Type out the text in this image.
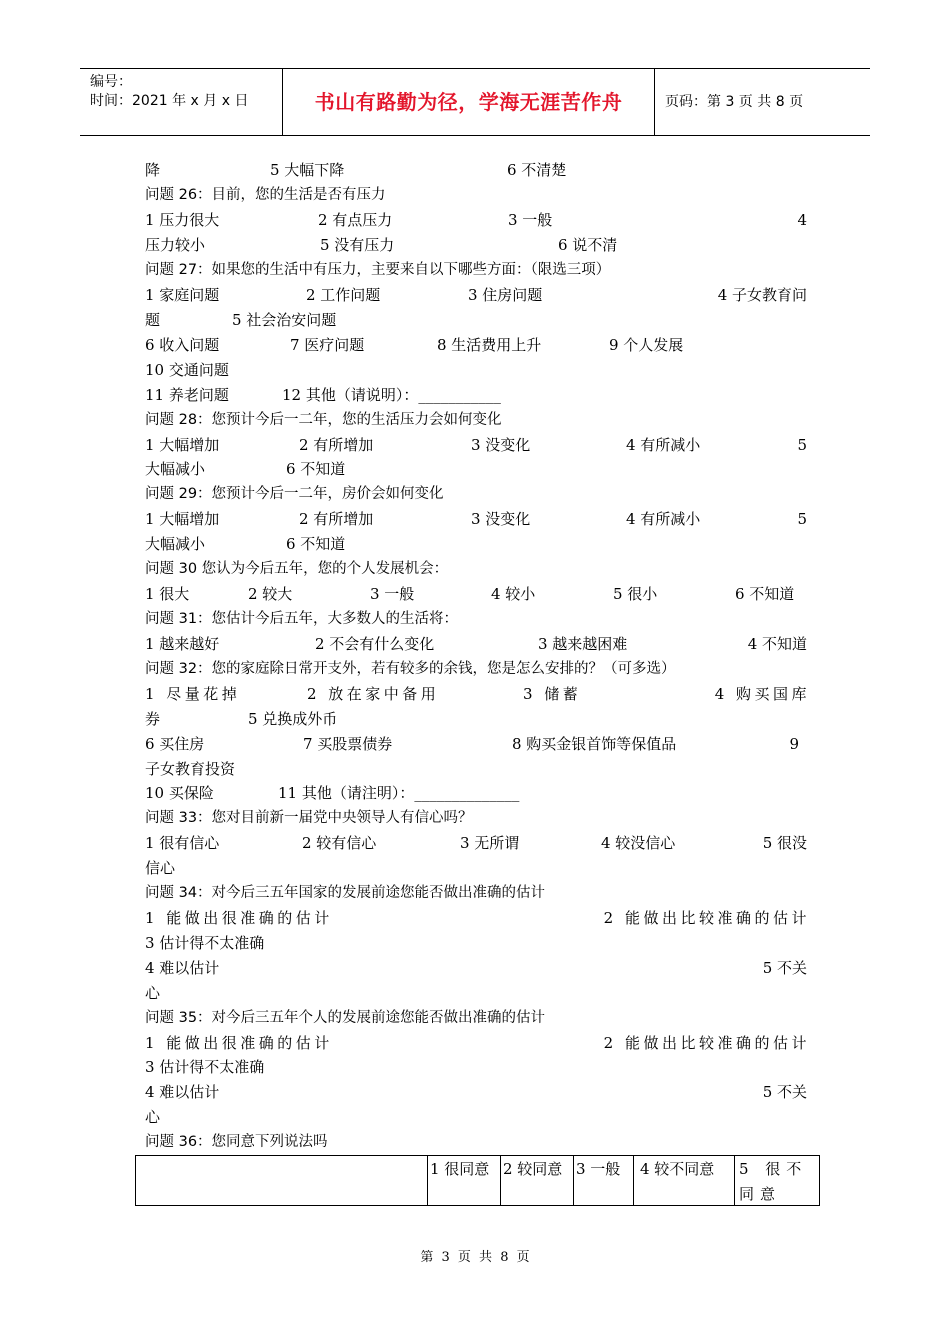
编号：
时间：2021 年 x 月 x 日	书山有路勤为径，学海无涯苦作舟	页码：第 3 页 共 8 页
降	5 大幅下降	6 不清楚
问题 26：目前，您的生活是否有压力
1 压力很大	2 有点压力	3 一般	4
压力较小	5 没有压力	6 说不清
问题 27：如果您的生活中有压力，主要来自以下哪些方面：（限选三项）
1 家庭问题	2 工作问题	3 住房问题	4 子女教育问
题	5 社会治安问题
6 收入问题	7 医疗问题	8 生活费用上升	9 个人发展
10 交通问题
11 养老问题	12 其他（请说明）：___________
问题 28：您预计今后一二年，您的生活压力会如何变化
1 大幅增加	2 有所增加	3 没变化	4 有所减小	5
大幅减小	6 不知道
问题 29：您预计今后一二年，房价会如何变化
1 大幅增加	2 有所增加	3 没变化	4 有所减小	5
大幅减小	6 不知道
问题 30 您认为今后五年，您的个人发展机会：
1 很大	2 较大	3 一般	4 较小	5 很小	6 不知道
问题 31：您估计今后五年，大多数人的生活将：
1 越来越好	2 不会有什么变化	3 越来越困难	4 不知道
问题 32：您的家庭除日常开支外，若有较多的余钱，您是怎么安排的？（可多选）
1 尽量花掉	2 放在家中备用	3 储蓄	4 购买国库
券	5 兑换成外币
6 买住房	7 买股票债券	8 购买金银首饰等保值品	9
子女教育投资
10 买保险	11 其他（请注明）：______________
问题 33：您对目前新一届党中央领导人有信心吗？
1 很有信心	2 较有信心	3 无所谓	4 较没信心	5 很没
信心
问题 34：对今后三五年国家的发展前途您能否做出准确的估计
1 能做出很准确的估计	2 能做出比较准确的估计
3 估计得不太准确
4 难以估计	5 不关
心
问题 35：对今后三五年个人的发展前途您能否做出准确的估计
1 能做出很准确的估计	2 能做出比较准确的估计
3 估计得不太准确
4 难以估计	5 不关
心
问题 36：您同意下列说法吗
1 很同意 2 较同意 3 一般	4 较不同意	5 很不同意
第 3 页 共 8 页
